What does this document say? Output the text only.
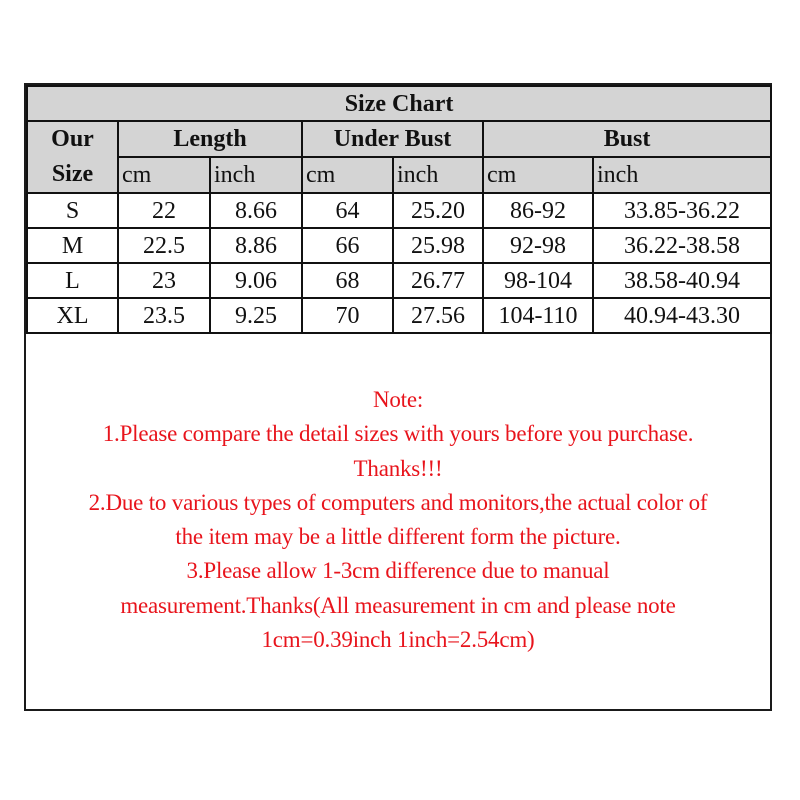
Size Chart						

Our
Size	Length		Under Bust		Bust	
	cm	inch	cm	inch	cm	inch
S	22	8.66	64	25.20	86-92	33.85-36.22
M	22.5	8.86	66	25.98	92-98	36.22-38.58
L	23	9.06	68	26.77	98-104	38.58-40.94
XL	23.5	9.25	70	27.56	104-110	40.94-43.30
Note:
1.Please compare the detail sizes with yours before you purchase.
Thanks!!!
2.Due to various types of computers and monitors,the actual color of
the item may be a little different form the picture.
3.Please allow 1-3cm difference due to manual
measurement.Thanks(All measurement in cm and please note
1cm=0.39inch 1inch=2.54cm)
